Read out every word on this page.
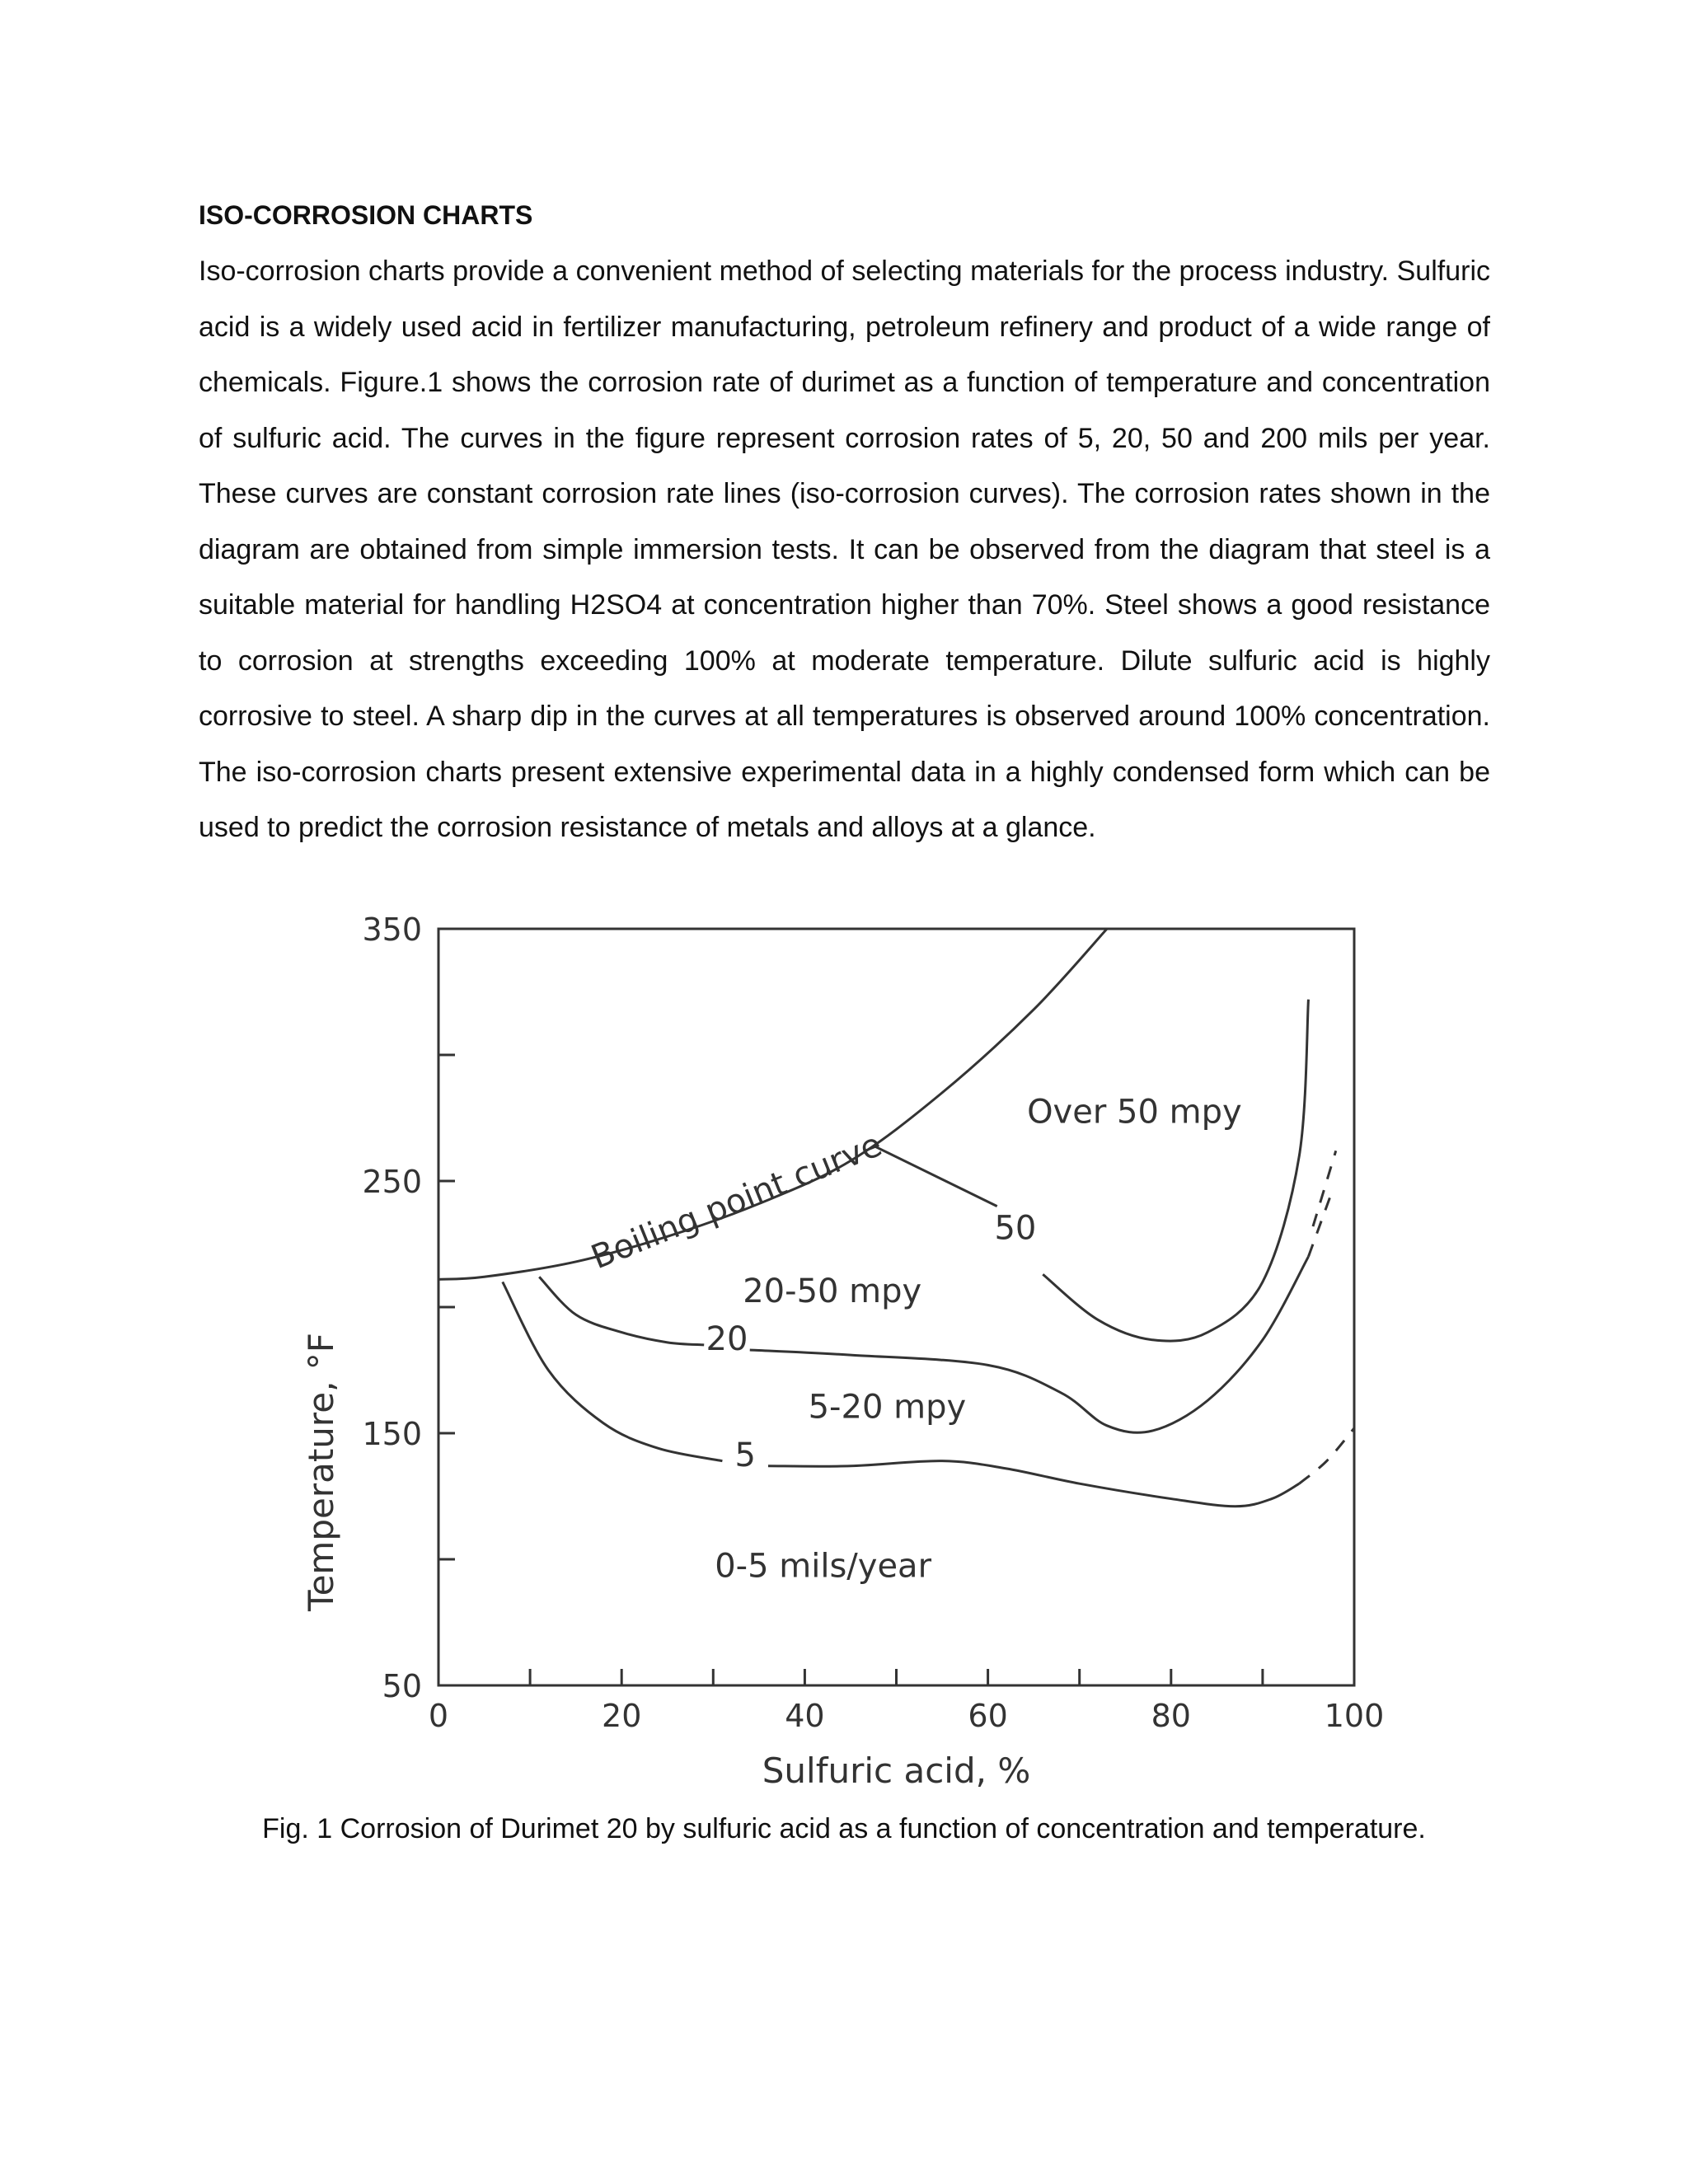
ISO-CORROSION CHARTS

Iso-corrosion charts provide a convenient method of selecting materials for the process industry. Sulfuric acid is a widely used acid in fertilizer manufacturing, petroleum refinery and product of a wide range of chemicals. Figure.1 shows the corrosion rate of durimet as a function of temperature and concentration of sulfuric acid. The curves in the figure represent corrosion rates of 5, 20, 50 and 200 mils per year. These curves are constant corrosion rate lines (iso-corrosion curves). The corrosion rates shown in the diagram are obtained from simple immersion tests. It can be observed from the diagram that steel is a suitable material for handling H2SO4 at concentration higher than 70%. Steel shows a good resistance to corrosion at strengths exceeding 100% at moderate temperature. Dilute sulfuric acid is highly corrosive to steel. A sharp dip in the curves at all temperatures is observed around 100% concentration. The iso-corrosion charts present extensive experimental data in a highly condensed form which can be used to predict the corrosion resistance of metals and alloys at a glance.

50
150
250
350
0	20	40	60	80	100
Sulfuric acid, %
Temperature, °F
Boiling point curve
Over 50 mpy
50
20-50 mpy
20
5-20 mpy
5
0-5 mils/year

Fig. 1 Corrosion of Durimet 20 by sulfuric acid as a function of concentration and temperature.
